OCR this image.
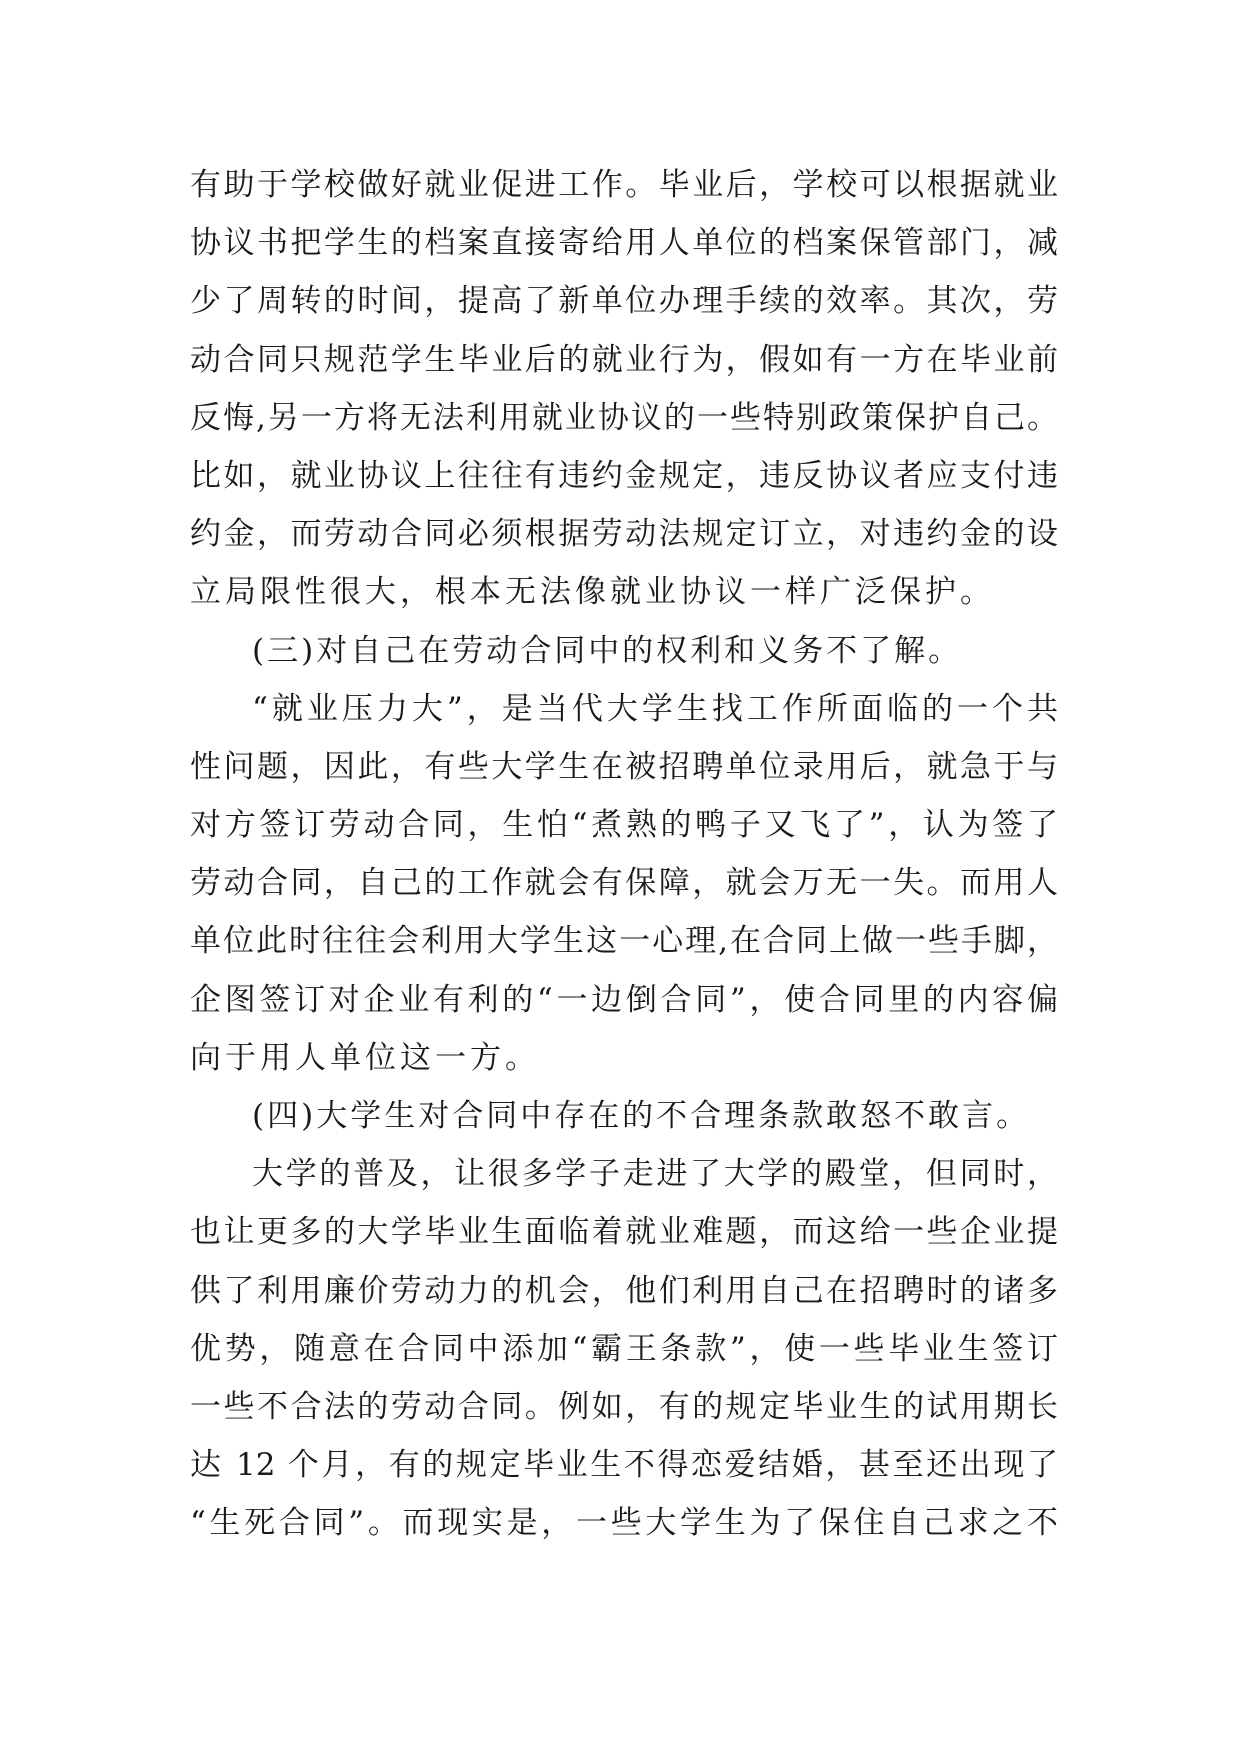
有助于学校做好就业促进工作。毕业后，学校可以根据就业
协议书把学生的档案直接寄给用人单位的档案保管部门，减
少了周转的时间，提高了新单位办理手续的效率。其次，劳
动合同只规范学生毕业后的就业行为，假如有一方在毕业前
反悔,另一方将无法利用就业协议的一些特别政策保护自己。
比如，就业协议上往往有违约金规定，违反协议者应支付违
约金，而劳动合同必须根据劳动法规定订立，对违约金的设
立局限性很大，根本无法像就业协议一样广泛保护。
(三)对自己在劳动合同中的权利和义务不了解。
“就业压力大”，是当代大学生找工作所面临的一个共
性问题，因此，有些大学生在被招聘单位录用后，就急于与
对方签订劳动合同，生怕“煮熟的鸭子又飞了”，认为签了
劳动合同，自己的工作就会有保障，就会万无一失。而用人
单位此时往往会利用大学生这一心理,在合同上做一些手脚，
企图签订对企业有利的“一边倒合同”，使合同里的内容偏
向于用人单位这一方。
(四)大学生对合同中存在的不合理条款敢怒不敢言。
大学的普及，让很多学子走进了大学的殿堂，但同时，
也让更多的大学毕业生面临着就业难题，而这给一些企业提
供了利用廉价劳动力的机会，他们利用自己在招聘时的诸多
优势，随意在合同中添加“霸王条款”，使一些毕业生签订
一些不合法的劳动合同。例如，有的规定毕业生的试用期长
达 12 个月，有的规定毕业生不得恋爱结婚，甚至还出现了
“生死合同”。而现实是，一些大学生为了保住自己求之不
